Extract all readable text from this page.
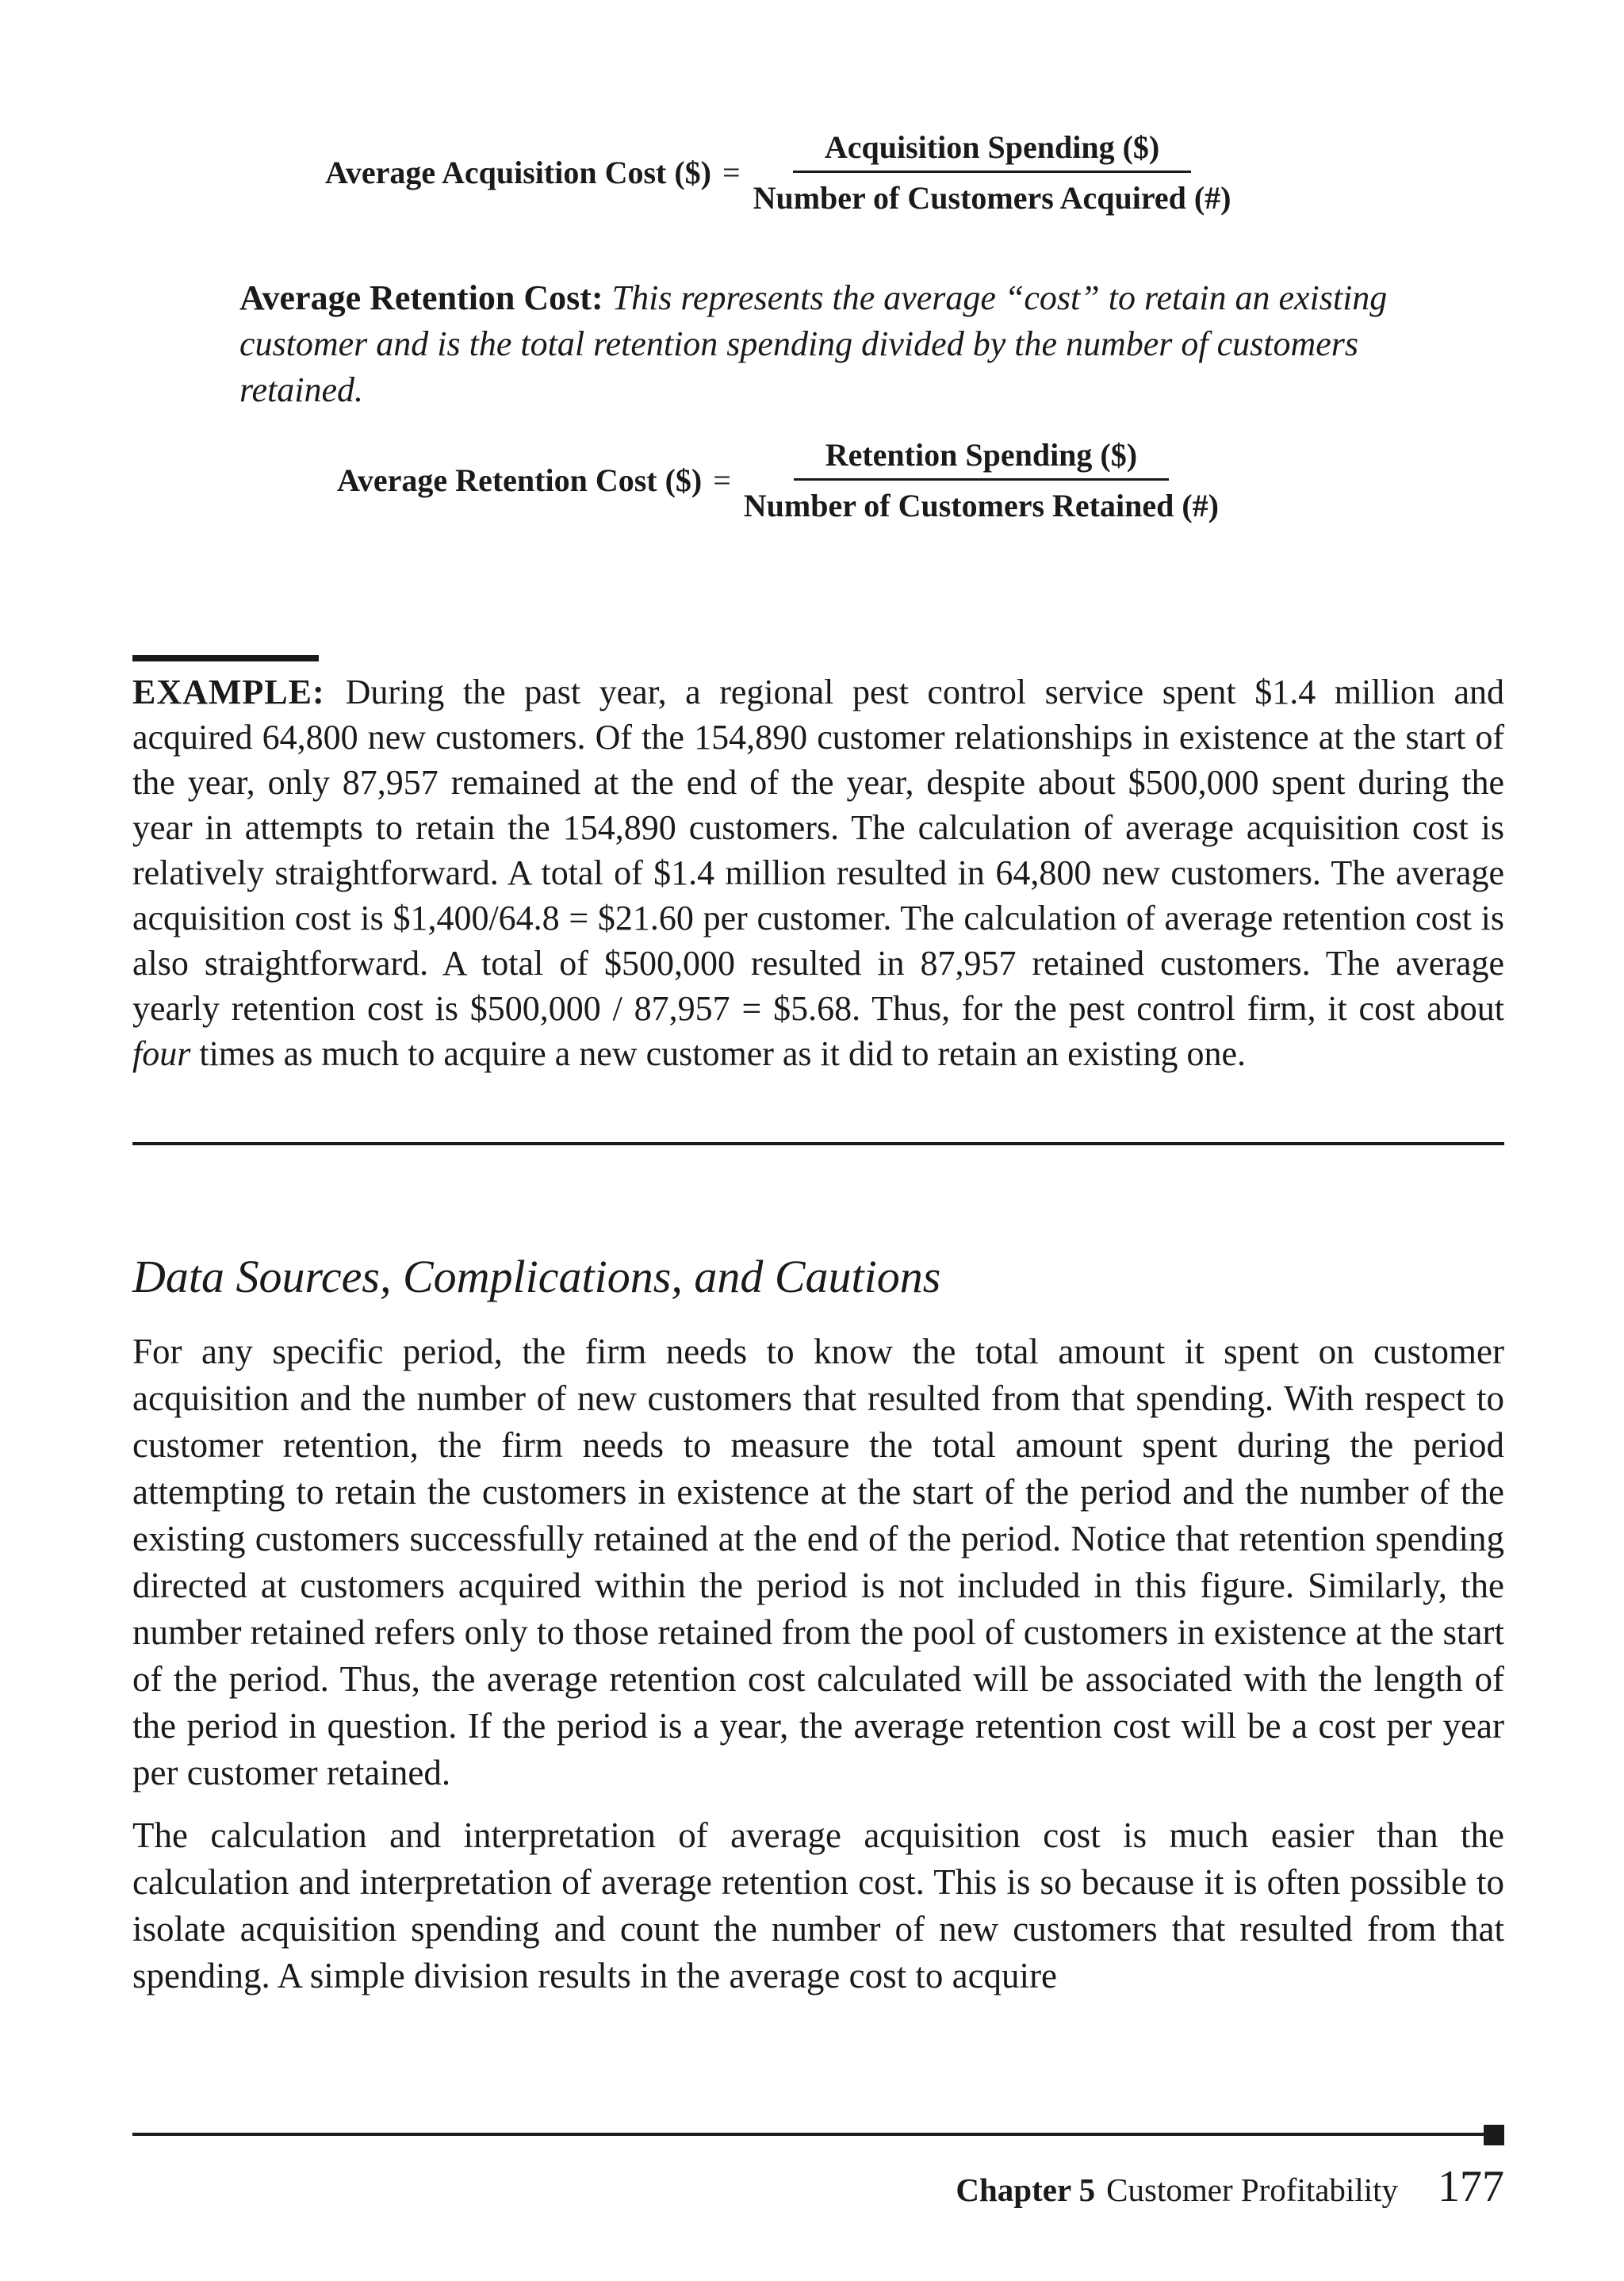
Average Acquisition Cost ($) = $\frac{\text{Acquisition Spending (\$)}}{\text{Number of Customers Acquired (\#)}}$

Average Retention Cost: This represents the average “cost” to retain an existing customer and is the total retention spending divided by the number of customers retained.

Average Retention Cost ($) = $\frac{\text{Retention Spending (\$)}}{\text{Number of Customers Retained (\#)}}$

EXAMPLE: During the past year, a regional pest control service spent $1.4 million and acquired 64,800 new customers. Of the 154,890 customer relationships in existence at the start of the year, only 87,957 remained at the end of the year, despite about $500,000 spent during the year in attempts to retain the 154,890 customers. The calculation of average acquisition cost is relatively straightforward. A total of $1.4 million resulted in 64,800 new customers. The average acquisition cost is $1,400/64.8 = $21.60 per customer. The calculation of average retention cost is also straightforward. A total of $500,000 resulted in 87,957 retained customers. The average yearly retention cost is $500,000 / 87,957 = $5.68. Thus, for the pest control firm, it cost about four times as much to acquire a new customer as it did to retain an existing one.

Data Sources, Complications, and Cautions

For any specific period, the firm needs to know the total amount it spent on customer acquisition and the number of new customers that resulted from that spending. With respect to customer retention, the firm needs to measure the total amount spent during the period attempting to retain the customers in existence at the start of the period and the number of the existing customers successfully retained at the end of the period. Notice that retention spending directed at customers acquired within the period is not included in this figure. Similarly, the number retained refers only to those retained from the pool of customers in existence at the start of the period. Thus, the average retention cost calculated will be associated with the length of the period in question. If the period is a year, the average retention cost will be a cost per year per customer retained.

The calculation and interpretation of average acquisition cost is much easier than the calculation and interpretation of average retention cost. This is so because it is often possible to isolate acquisition spending and count the number of new customers that resulted from that spending. A simple division results in the average cost to acquire

Chapter 5 Customer Profitability 177
